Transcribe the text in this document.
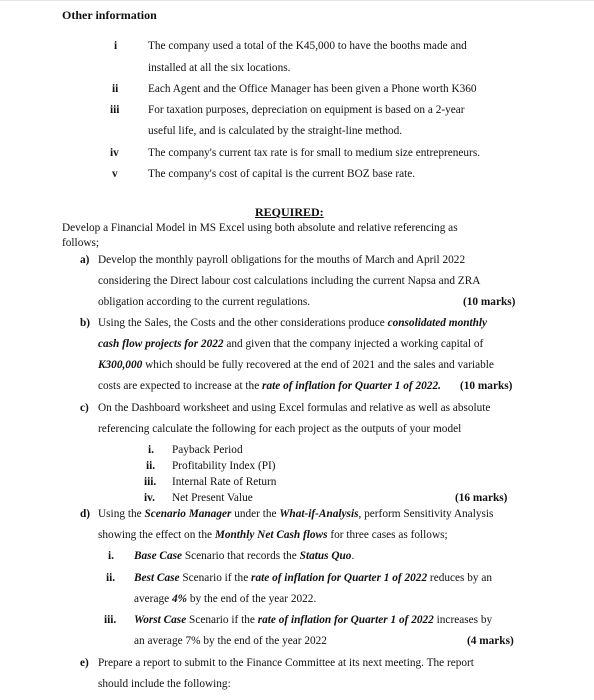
Other information
i	The company used a total of the K45,000 to have the booths made and
installed at all the six locations.
ii	Each Agent and the Office Manager has been given a Phone worth K360
iii	For taxation purposes, depreciation on equipment is based on a 2-year
useful life, and is calculated by the straight-line method.
iv	The company's current tax rate is for small to medium size entrepreneurs.
v	The company's cost of capital is the current BOZ base rate.
REQUIRED:
Develop a Financial Model in MS Excel using both absolute and relative referencing as
follows;
a) Develop the monthly payroll obligations for the mouths of March and April 2022
considering the Direct labour cost calculations including the current Napsa and ZRA
obligation according to the current regulations.	(10 marks)
b) Using the Sales, the Costs and the other considerations produce consolidated monthly
cash flow projects for 2022 and given that the company injected a working capital of
K300,000 which should be fully recovered at the end of 2021 and the sales and variable
costs are expected to increase at the rate of inflation for Quarter 1 of 2022. (10 marks)
c) On the Dashboard worksheet and using Excel formulas and relative as well as absolute
referencing calculate the following for each project as the outputs of your model
i. Payback Period
ii. Profitability Index (PI)
iii. Internal Rate of Return
iv. Net Present Value	(16 marks)
d) Using the Scenario Manager under the What-if-Analysis, perform Sensitivity Analysis
showing the effect on the Monthly Net Cash flows for three cases as follows;
i. Base Case Scenario that records the Status Quo.
ii. Best Case Scenario if the rate of inflation for Quarter 1 of 2022 reduces by an
average 4% by the end of the year 2022.
iii. Worst Case Scenario if the rate of inflation for Quarter 1 of 2022 increases by
an average 7% by the end of the year 2022	(4 marks)
e) Prepare a report to submit to the Finance Committee at its next meeting. The report
should include the following:
